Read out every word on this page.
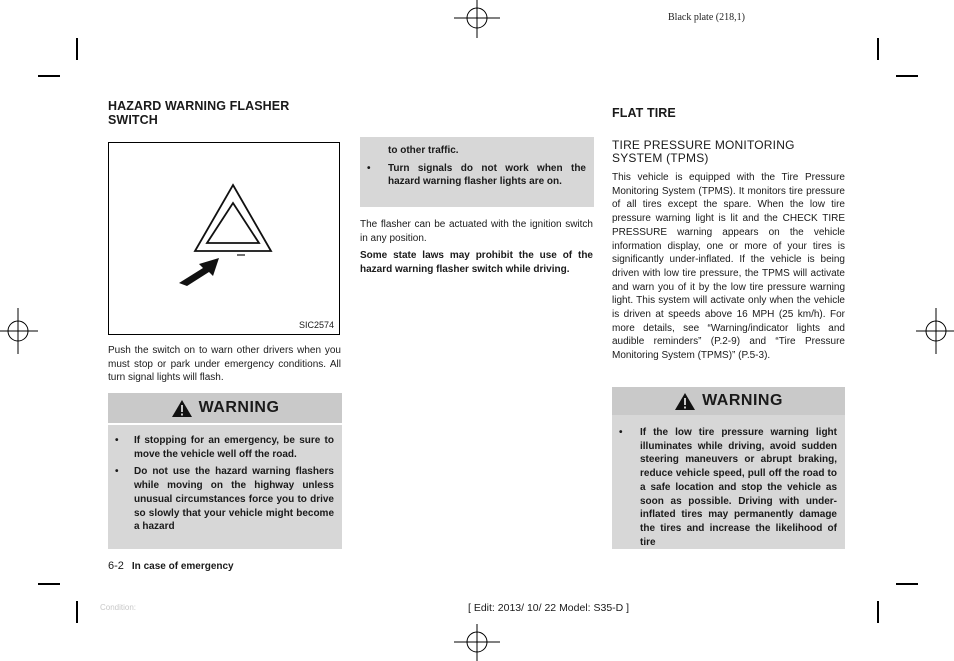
Black plate (218,1)
HAZARD WARNING FLASHER SWITCH
SIC2574
Push the switch on to warn other drivers when you must stop or park under emergency conditions. All turn signal lights will flash.
WARNING
• If stopping for an emergency, be sure to move the vehicle well off the road.
• Do not use the hazard warning flashers while moving on the highway unless unusual circumstances force you to drive so slowly that your vehicle might become a hazard
to other traffic.
• Turn signals do not work when the hazard warning flasher lights are on.
The flasher can be actuated with the ignition switch in any position.
Some state laws may prohibit the use of the hazard warning flasher switch while driving.
FLAT TIRE
TIRE PRESSURE MONITORING SYSTEM (TPMS)
This vehicle is equipped with the Tire Pressure Monitoring System (TPMS). It monitors tire pressure of all tires except the spare. When the low tire pressure warning light is lit and the CHECK TIRE PRESSURE warning appears on the vehicle information display, one or more of your tires is significantly under-inflated. If the vehicle is being driven with low tire pressure, the TPMS will activate and warn you of it by the low tire pressure warning light. This system will activate only when the vehicle is driven at speeds above 16 MPH (25 km/h). For more details, see “Warning/indicator lights and audible reminders” (P.2-9) and “Tire Pressure Monitoring System (TPMS)” (P.5-3).
WARNING
• If the low tire pressure warning light illuminates while driving, avoid sudden steering maneuvers or abrupt braking, reduce vehicle speed, pull off the road to a safe location and stop the vehicle as soon as possible. Driving with under-inflated tires may permanently damage the tires and increase the likelihood of tire
6-2 In case of emergency
Condition:	[ Edit: 2013/ 10/ 22 Model: S35-D ]
